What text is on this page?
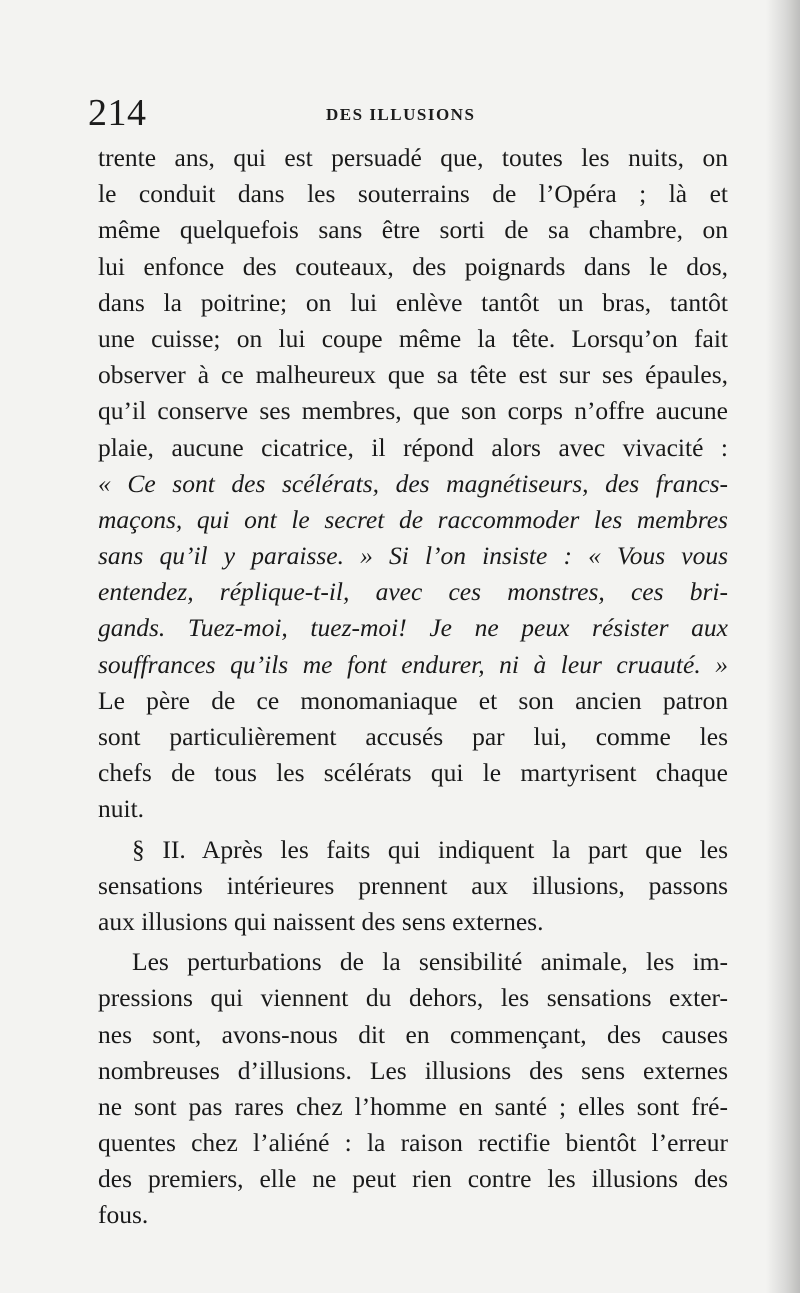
214	DES ILLUSIONS
trente ans, qui est persuadé que, toutes les nuits, on
le conduit dans les souterrains de l’Opéra ; là et
même quelquefois sans être sorti de sa chambre, on
lui enfonce des couteaux, des poignards dans le dos,
dans la poitrine; on lui enlève tantôt un bras, tantôt
une cuisse; on lui coupe même la tête. Lorsqu’on fait
observer à ce malheureux que sa tête est sur ses épaules,
qu’il conserve ses membres, que son corps n’offre aucune
plaie, aucune cicatrice, il répond alors avec vivacité :
« Ce sont des scélérats, des magnétiseurs, des francs-
maçons, qui ont le secret de raccommoder les membres
sans qu’il y paraisse. » Si l’on insiste : « Vous vous
entendez, réplique-t-il, avec ces monstres, ces bri-
gands. Tuez-moi, tuez-moi! Je ne peux résister aux
souffrances qu’ils me font endurer, ni à leur cruauté. »
Le père de ce monomaniaque et son ancien patron
sont particulièrement accusés par lui, comme les
chefs de tous les scélérats qui le martyrisent chaque
nuit.
§ II. Après les faits qui indiquent la part que les
sensations intérieures prennent aux illusions, passons
aux illusions qui naissent des sens externes.
Les perturbations de la sensibilité animale, les im-
pressions qui viennent du dehors, les sensations exter-
nes sont, avons-nous dit en commençant, des causes
nombreuses d’illusions. Les illusions des sens externes
ne sont pas rares chez l’homme en santé ; elles sont fré-
quentes chez l’aliéné : la raison rectifie bientôt l’erreur
des premiers, elle ne peut rien contre les illusions des
fous.
